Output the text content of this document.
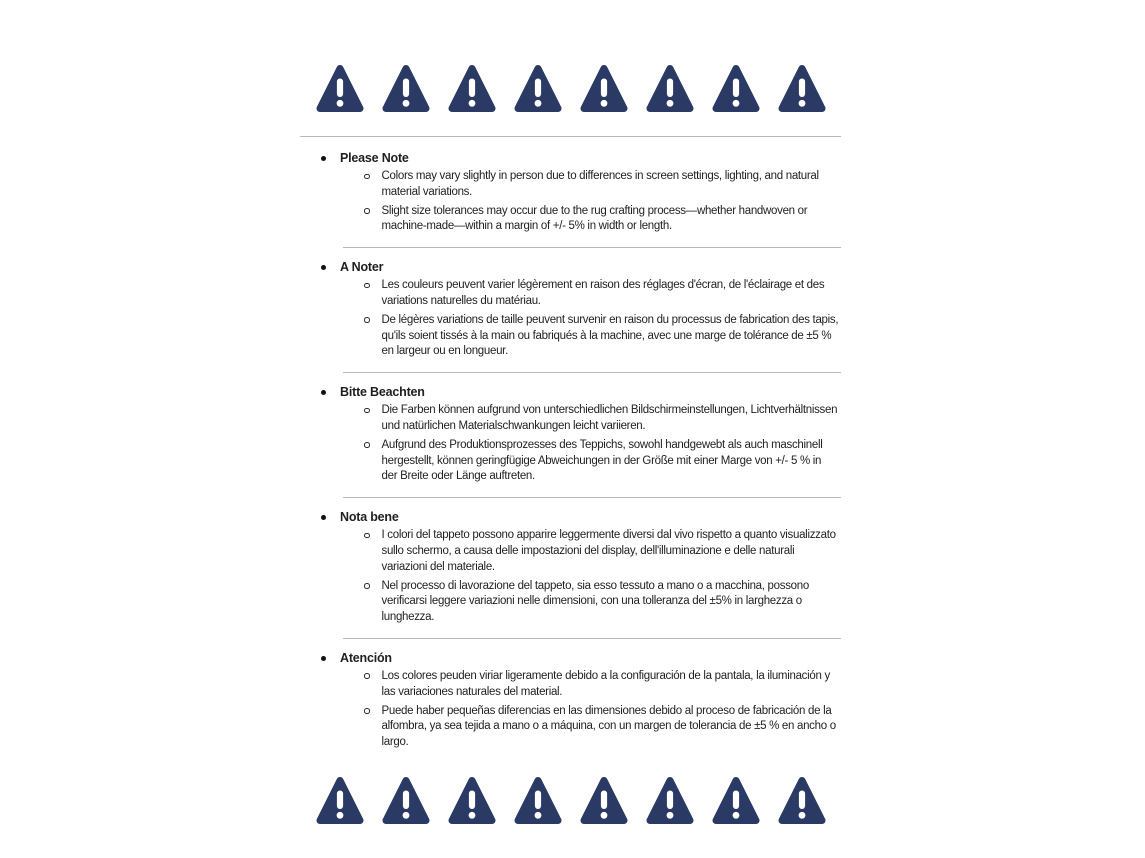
Please Note

Colors may vary slightly in person due to differences in screen settings, lighting, and natural material variations.

Slight size tolerances may occur due to the rug crafting process—whether handwoven or machine-made—within a margin of +/- 5% in width or length.

A Noter

Les couleurs peuvent varier légèrement en raison des réglages d'écran, de l'éclairage et des variations naturelles du matériau.

De légères variations de taille peuvent survenir en raison du processus de fabrication des tapis, qu'ils soient tissés à la main ou fabriqués à la machine, avec une marge de tolérance de ±5 % en largeur ou en longueur.

Bitte Beachten

Die Farben können aufgrund von unterschiedlichen Bildschirmeinstellungen, Lichtverhältnissen und natürlichen Materialschwankungen leicht variieren.

Aufgrund des Produktionsprozesses des Teppichs, sowohl handgewebt als auch maschinell hergestellt, können geringfügige Abweichungen in der Größe mit einer Marge von +/- 5 % in der Breite oder Länge auftreten.

Nota bene

I colori del tappeto possono apparire leggermente diversi dal vivo rispetto a quanto visualizzato sullo schermo, a causa delle impostazioni del display, dell'illuminazione e delle naturali variazioni del materiale.

Nel processo di lavorazione del tappeto, sia esso tessuto a mano o a macchina, possono verificarsi leggere variazioni nelle dimensioni, con una tolleranza del ±5% in larghezza o lunghezza.

Atención

Los colores peuden viriar ligeramente debido a la configuración de la pantala, la iluminación y las variaciones naturales del material.

Puede haber pequeñas diferencias en las dimensiones debido al proceso de fabricación de la alfombra, ya sea tejida a mano o a máquina, con un margen de tolerancia de ±5 % en ancho o largo.
